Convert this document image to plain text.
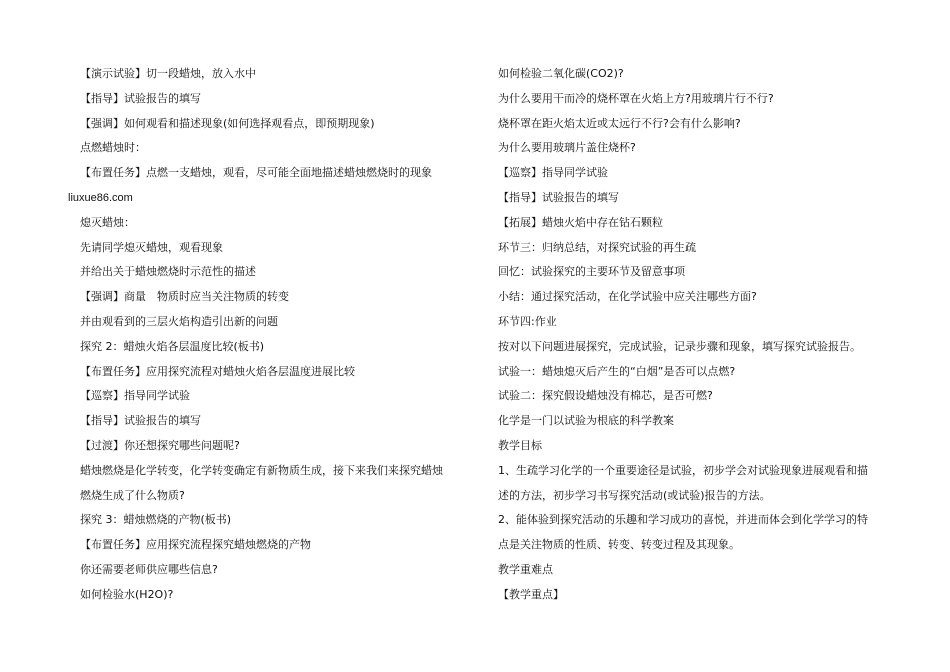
【演示试验】切一段蜡烛，放入水中
【指导】试验报告的填写
【强调】如何观看和描述现象(如何选择观看点，即预期现象)
点燃蜡烛时：
【布置任务】点燃一支蜡烛，观看，尽可能全面地描述蜡烛燃烧时的现象
liuxue86.com
熄灭蜡烛：
先请同学熄灭蜡烛，观看现象
并给出关于蜡烛燃烧时示范性的描述
【强调】商量　物质时应当关注物质的转变
并由观看到的三层火焰构造引出新的问题
探究 2：蜡烛火焰各层温度比较(板书)
【布置任务】应用探究流程对蜡烛火焰各层温度进展比较
【巡察】指导同学试验
【指导】试验报告的填写
【过渡】你还想探究哪些问题呢?
蜡烛燃烧是化学转变，化学转变确定有新物质生成，接下来我们来探究蜡烛
燃烧生成了什么物质?
探究 3：蜡烛燃烧的产物(板书)
【布置任务】应用探究流程探究蜡烛燃烧的产物
你还需要老师供应哪些信息?
如何检验水(H2O)?
如何检验二氧化碳(CO2)?
为什么要用干而冷的烧杯罩在火焰上方?用玻璃片行不行?
烧杯罩在距火焰太近或太远行不行?会有什么影响?
为什么要用玻璃片盖住烧杯?
【巡察】指导同学试验
【指导】试验报告的填写
【拓展】蜡烛火焰中存在钻石颗粒
环节三：归纳总结，对探究试验的再生疏
回忆：试验探究的主要环节及留意事项
小结：通过探究活动，在化学试验中应关注哪些方面?
环节四:作业
按对以下问题进展探究，完成试验，记录步骤和现象，填写探究试验报告。
试验一：蜡烛熄灭后产生的“白烟”是否可以点燃?
试验二：探究假设蜡烛没有棉芯，是否可燃?
化学是一门以试验为根底的科学教案
教学目标
1、生疏学习化学的一个重要途径是试验，初步学会对试验现象进展观看和描
述的方法，初步学习书写探究活动(或试验)报告的方法。
2、能体验到探究活动的乐趣和学习成功的喜悦，并进而体会到化学学习的特
点是关注物质的性质、转变、转变过程及其现象。
教学重难点
【教学重点】
